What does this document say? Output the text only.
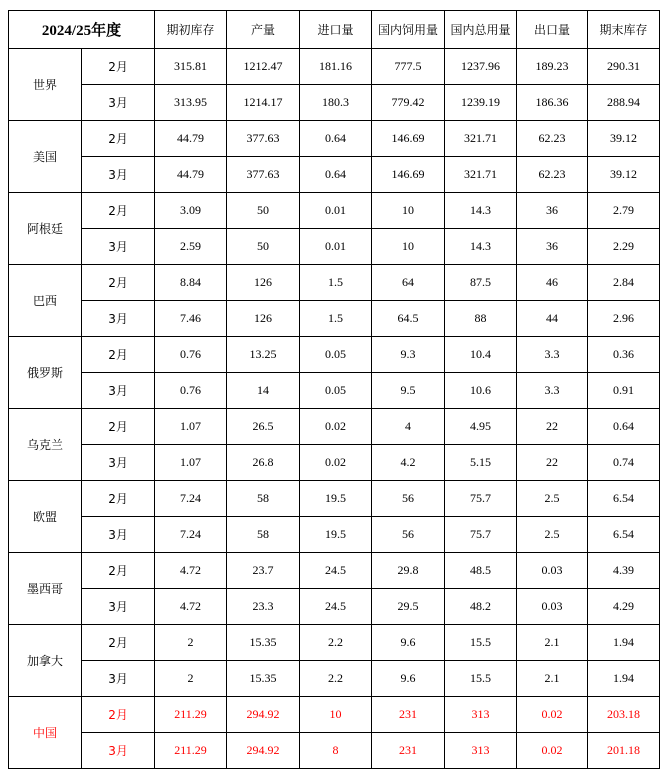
2024/25年度		期初库存	产量	进口量	国内饲用量	国内总用量	出口量	期末库存
世界	2月	315.81	1212.47	181.16	777.5	1237.96	189.23	290.31
	3月	313.95	1214.17	180.3	779.42	1239.19	186.36	288.94
美国	2月	44.79	377.63	0.64	146.69	321.71	62.23	39.12
	3月	44.79	377.63	0.64	146.69	321.71	62.23	39.12
阿根廷	2月	3.09	50	0.01	10	14.3	36	2.79
	3月	2.59	50	0.01	10	14.3	36	2.29
巴西	2月	8.84	126	1.5	64	87.5	46	2.84
	3月	7.46	126	1.5	64.5	88	44	2.96
俄罗斯	2月	0.76	13.25	0.05	9.3	10.4	3.3	0.36
	3月	0.76	14	0.05	9.5	10.6	3.3	0.91
乌克兰	2月	1.07	26.5	0.02	4	4.95	22	0.64
	3月	1.07	26.8	0.02	4.2	5.15	22	0.74
欧盟	2月	7.24	58	19.5	56	75.7	2.5	6.54
	3月	7.24	58	19.5	56	75.7	2.5	6.54
墨西哥	2月	4.72	23.7	24.5	29.8	48.5	0.03	4.39
	3月	4.72	23.3	24.5	29.5	48.2	0.03	4.29
加拿大	2月	2	15.35	2.2	9.6	15.5	2.1	1.94
	3月	2	15.35	2.2	9.6	15.5	2.1	1.94
中国	2月	211.29	294.92	10	231	313	0.02	203.18
	3月	211.29	294.92	8	231	313	0.02	201.18
